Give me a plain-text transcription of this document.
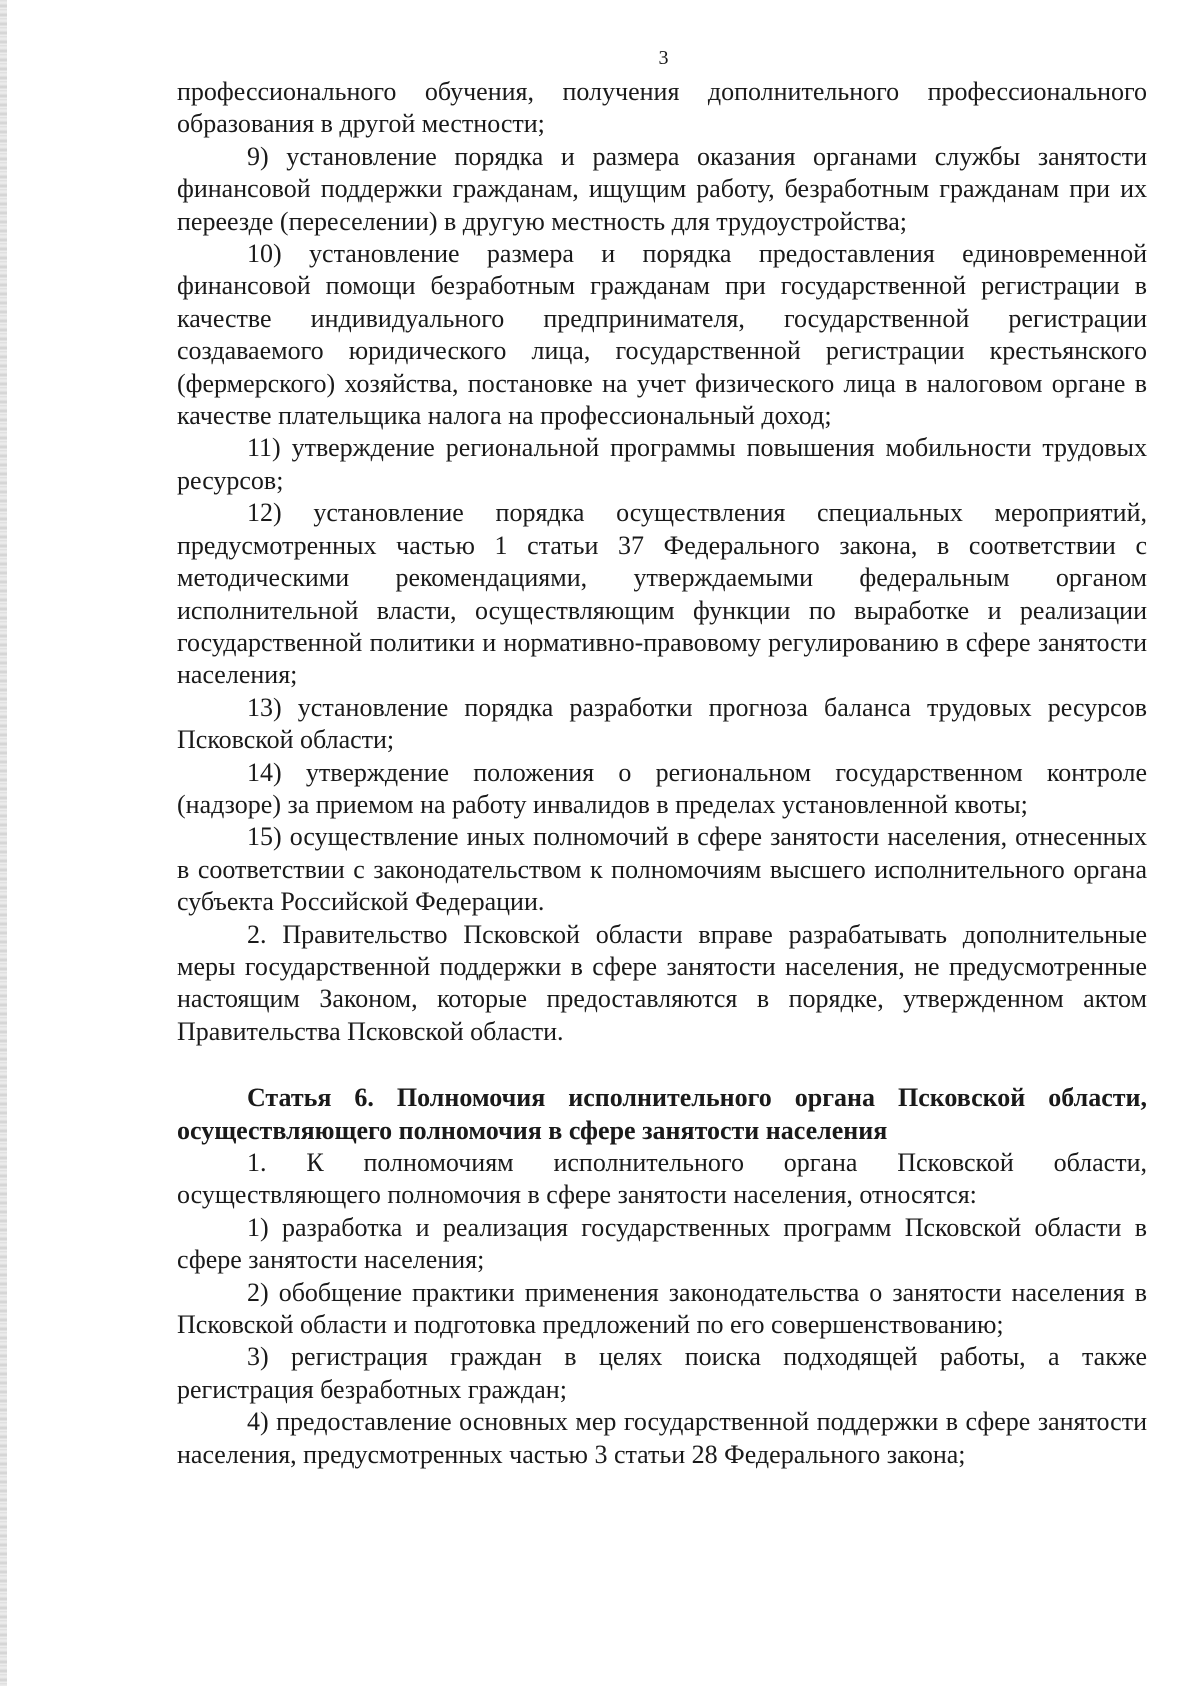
3

профессионального обучения, получения дополнительного профессионального образования в другой местности;

9) установление порядка и размера оказания органами службы занятости финансовой поддержки гражданам, ищущим работу, безработным гражданам при их переезде (переселении) в другую местность для трудоустройства;

10) установление размера и порядка предоставления единовременной финансовой помощи безработным гражданам при государственной регистрации в качестве индивидуального предпринимателя, государственной регистрации создаваемого юридического лица, государственной регистрации крестьянского (фермерского) хозяйства, постановке на учет физического лица в налоговом органе в качестве плательщика налога на профессиональный доход;

11) утверждение региональной программы повышения мобильности трудовых ресурсов;

12) установление порядка осуществления специальных мероприятий, предусмотренных частью 1 статьи 37 Федерального закона, в соответствии с методическими рекомендациями, утверждаемыми федеральным органом исполнительной власти, осуществляющим функции по выработке и реализации государственной политики и нормативно-правовому регулированию в сфере занятости населения;

13) установление порядка разработки прогноза баланса трудовых ресурсов Псковской области;

14) утверждение положения о региональном государственном контроле (надзоре) за приемом на работу инвалидов в пределах установленной квоты;

15) осуществление иных полномочий в сфере занятости населения, отнесенных в соответствии с законодательством к полномочиям высшего исполнительного органа субъекта Российской Федерации.

2. Правительство Псковской области вправе разрабатывать дополнительные меры государственной поддержки в сфере занятости населения, не предусмотренные настоящим Законом, которые предоставляются в порядке, утвержденном актом Правительства Псковской области.

Статья 6. Полномочия исполнительного органа Псковской области, осуществляющего полномочия в сфере занятости населения

1. К полномочиям исполнительного органа Псковской области, осуществляющего полномочия в сфере занятости населения, относятся:

1) разработка и реализация государственных программ Псковской области в сфере занятости населения;

2) обобщение практики применения законодательства о занятости населения в Псковской области и подготовка предложений по его совершенствованию;

3) регистрация граждан в целях поиска подходящей работы, а также регистрация безработных граждан;

4) предоставление основных мер государственной поддержки в сфере занятости населения, предусмотренных частью 3 статьи 28 Федерального закона;
